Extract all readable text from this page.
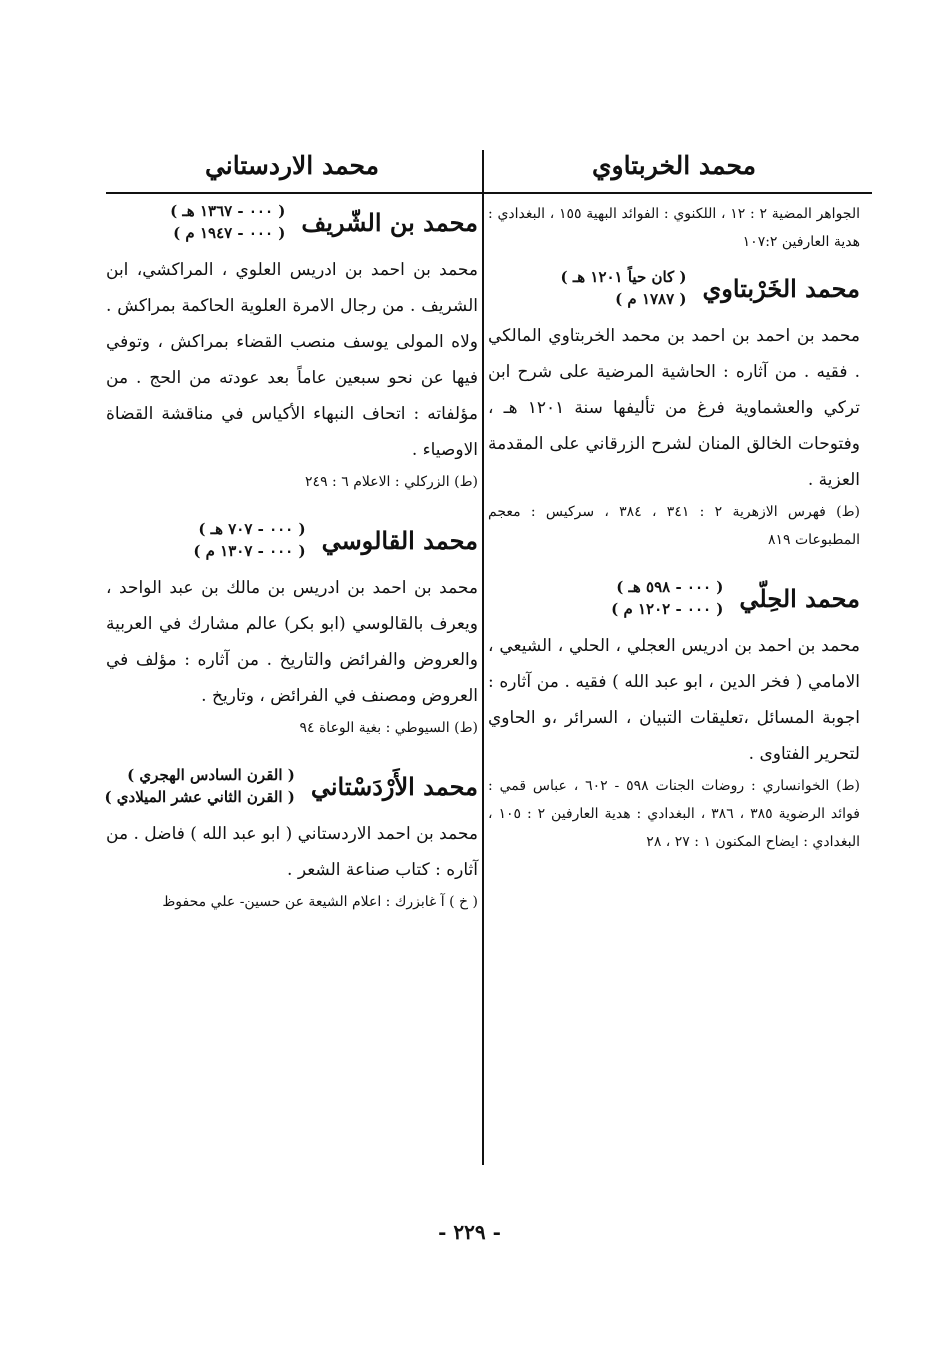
محمد الخربتاوي
الجواهر المضية ٢ : ١٢ ، اللكنوي : الفوائد البهية ١٥٥ ، البغدادي : هدية العارفين ١٠٧:٢
محمد الخَرْبتاوي
( كان حياً ١٢٠١ هـ )
( ١٧٨٧ م )
محمد بن احمد بن احمد بن محمد الخربتاوي المالكي . فقيه . من آثاره : الحاشية المرضية على شرح ابن تركي والعشماوية فرغ من تأليفها سنة ١٢٠١ هـ ، وفتوحات الخالق المنان لشرح الزرقاني على المقدمة العزية .
(ط) فهرس الازهرية ٢ : ٣٤١ ، ٣٨٤ ، سركيس : معجم المطبوعات ٨١٩
محمد الحِلّي
( ٠٠٠ - ٥٩٨ هـ )
( ٠٠٠ - ١٢٠٢ م )
محمد بن احمد بن ادريس العجلي ، الحلي ، الشيعي ، الامامي ( فخر الدين ، ابو عبد الله ) فقيه . من آثاره : اجوبة المسائل ،تعليقات التبيان ، السرائر ،و الحاوي لتحرير الفتاوى .
(ط) الخوانساري : روضات الجنات ٥٩٨ - ٦٠٢ ، عباس قمي : فوائد الرضوية ٣٨٥ ، ٣٨٦ ، البغدادي : هدية العارفين ٢ : ١٠٥ ، البغدادي : ايضاح المكنون ١ : ٢٧ ، ٢٨
محمد الاردستاني
محمد بن الشّريف
( ٠٠٠ - ١٣٦٧ هـ )
( ٠٠٠ - ١٩٤٧ م )
محمد بن احمد بن ادريس العلوي ، المراكشي، ابن الشريف . من رجال الامرة العلوية الحاكمة بمراكش . ولاه المولى يوسف منصب القضاء بمراكش ، وتوفي فيها عن نحو سبعين عاماً بعد عودته من الحج . من مؤلفاته : اتحاف النبهاء الأكياس في مناقشة القضاة الاوصياء .
(ط) الزركلي : الاعلام ٦ : ٢٤٩
محمد القالوسي
( ٠٠٠ - ٧٠٧ هـ )
( ٠٠٠ - ١٣٠٧ م )
محمد بن احمد بن ادريس بن مالك بن عبد الواحد ، ويعرف بالقالوسي (ابو بكر) عالم مشارك في العربية والعروض والفرائض والتاريخ . من آثاره : مؤلف في العروض ومصنف في الفرائض ، وتاريخ .
(ط) السيوطي : بغية الوعاة ٩٤
محمد الأَرْدَسْتاني
( القرن السادس الهجري )
( القرن الثاني عشر الميلادي )
محمد بن احمد الاردستاني ( ابو عبد الله ) فاضل . من آثاره : كتاب صناعة الشعر .
( خ ) آ غابزرك : اعلام الشيعة عن حسين- علي محفوظ
- ٢٢٩ -
